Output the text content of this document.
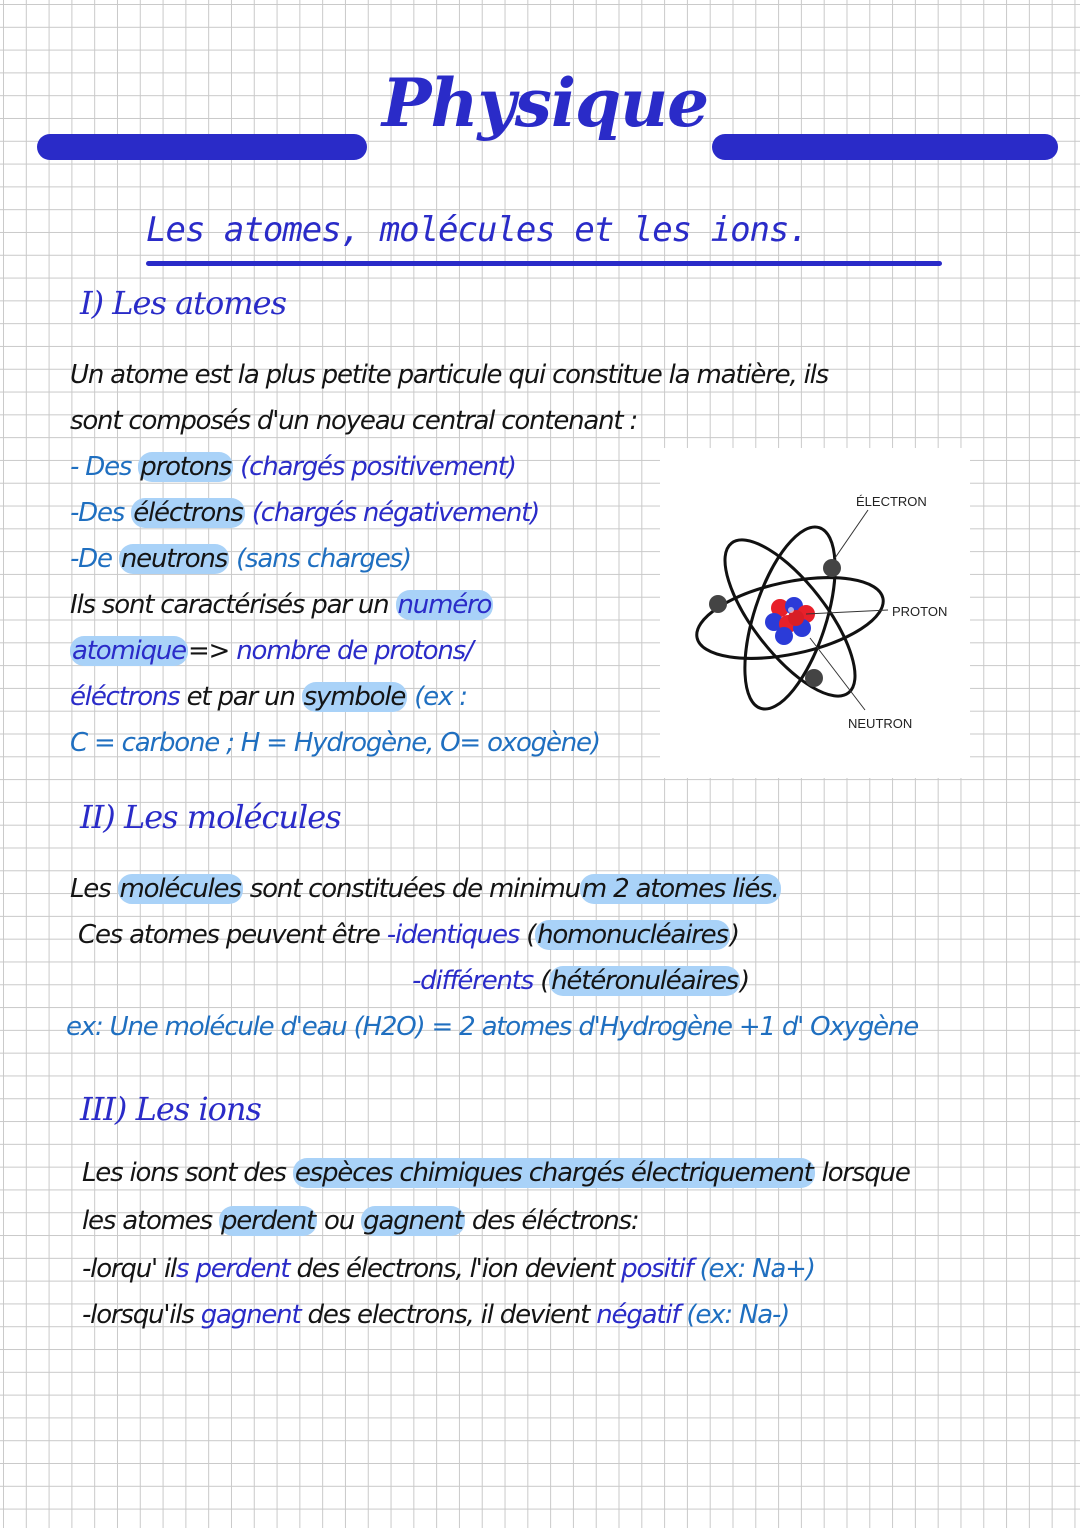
Physique
Les atomes, molécules et les ions.
I) Les atomes
Un atome est la plus petite particule qui constitue la matière, ils
sont composés d'un noyeau central contenant :
- Des protons (chargés positivement)
-Des éléctrons (chargés négativement)
-De neutrons (sans charges)
Ils sont caractérisés par un numéro
atomique=> nombre de protons/
éléctrons et par un symbole (ex :
C = carbone ; H = Hydrogène, O= oxogène)
ÉLECTRON
PROTON
NEUTRON
II) Les molécules
Les molécules sont constituées de minimum 2 atomes liés.
Ces atomes peuvent être -identiques (homonucléaires)
-différents (hétéronuléaires)
ex: Une molécule d'eau (H2O) = 2 atomes d'Hydrogène +1 d' Oxygène
III) Les ions
Les ions sont des espèces chimiques chargés électriquement lorsque
les atomes perdent ou gagnent des éléctrons:
-lorqu' ils perdent des électrons, l'ion devient positif (ex: Na+)
-lorsqu'ils gagnent des electrons, il devient négatif (ex: Na-)
